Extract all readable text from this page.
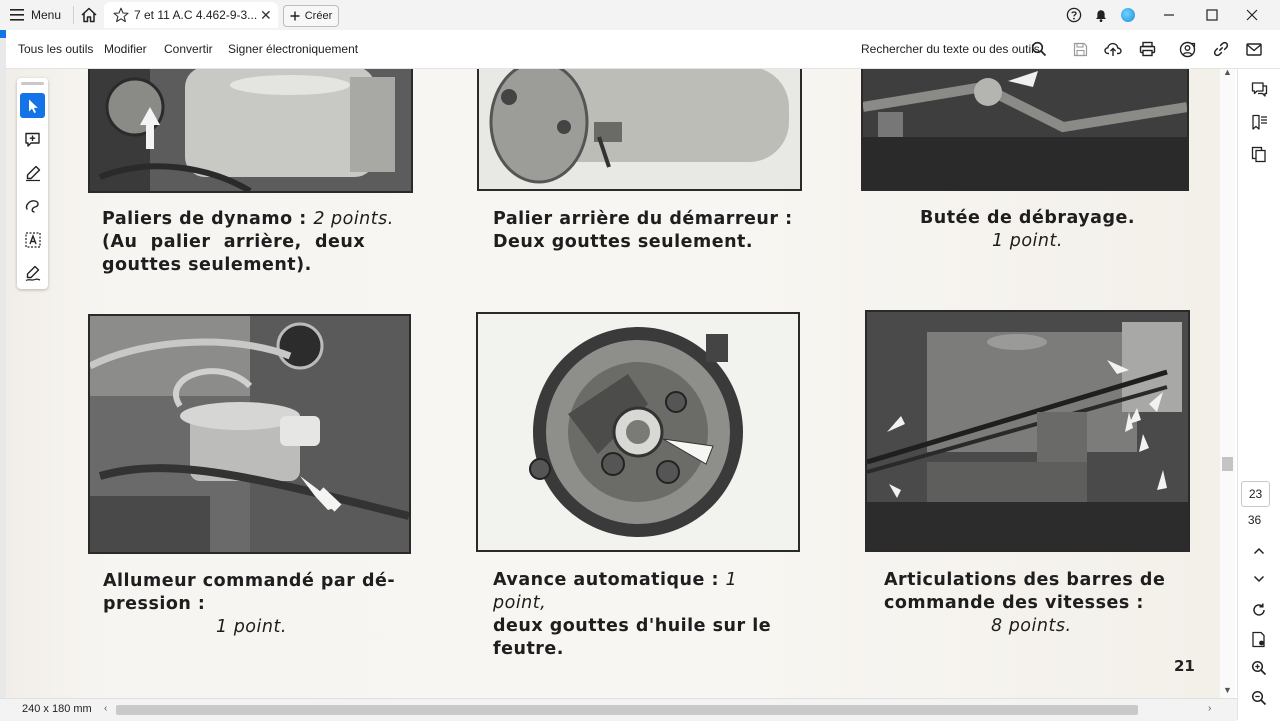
Menu	7 et 11 A.C 4.462-9-3... ✕	Créer
Tous les outils Modifier Convertir Signer électroniquement	Rechercher du texte ou des outils
Paliers de dynamo : 2 points.
(Au  palier  arrière,  deux
gouttes seulement).
Palier arrière du démarreur :
Deux gouttes seulement.
Butée de débrayage.
1 point.
Allumeur commandé par dé-
pression :
1 point.
Avance automatique : 1 point,
deux gouttes d'huile sur le
feutre.
Articulations des barres de
commande des vitesses :
8 points.
21
▲
▼
23
36
240 x 180 mm ‹	›
